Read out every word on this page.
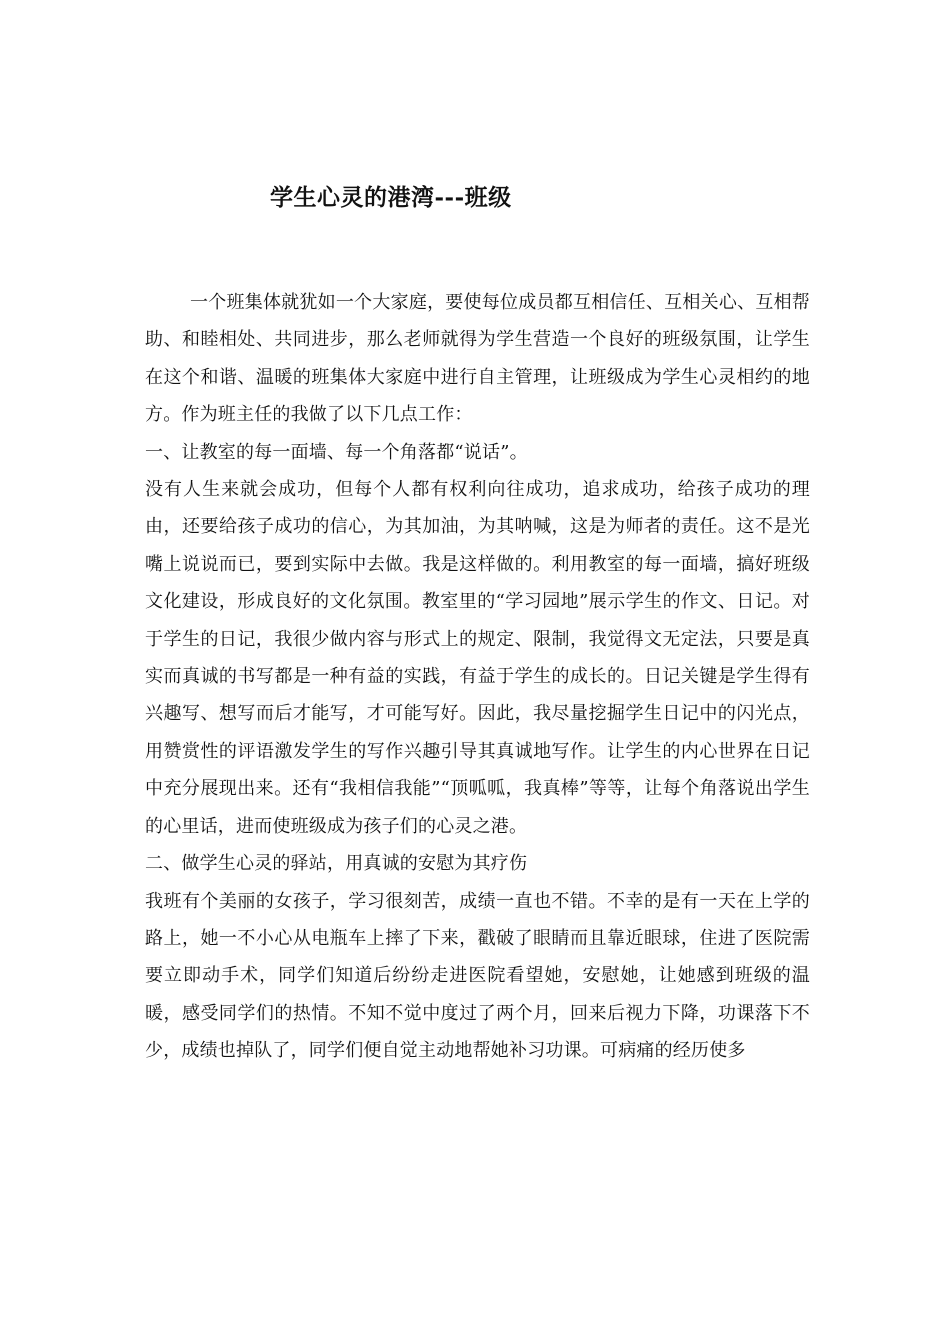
学生心灵的港湾---班级

一个班集体就犹如一个大家庭，要使每位成员都互相信任、互相关心、互相帮助、和睦相处、共同进步，那么老师就得为学生营造一个良好的班级氛围，让学生在这个和谐、温暖的班集体大家庭中进行自主管理，让班级成为学生心灵相约的地方。作为班主任的我做了以下几点工作：

一、让教室的每一面墙、每一个角落都“说话”。

没有人生来就会成功，但每个人都有权利向往成功，追求成功，给孩子成功的理由，还要给孩子成功的信心，为其加油，为其呐喊，这是为师者的责任。这不是光嘴上说说而已，要到实际中去做。我是这样做的。利用教室的每一面墙，搞好班级文化建设，形成良好的文化氛围。教室里的“学习园地”展示学生的作文、日记。对于学生的日记，我很少做内容与形式上的规定、限制，我觉得文无定法，只要是真实而真诚的书写都是一种有益的实践，有益于学生的成长的。日记关键是学生得有兴趣写、想写而后才能写，才可能写好。因此，我尽量挖掘学生日记中的闪光点，用赞赏性的评语激发学生的写作兴趣引导其真诚地写作。让学生的内心世界在日记中充分展现出来。还有“我相信我能”“顶呱呱，我真棒”等等，让每个角落说出学生的心里话，进而使班级成为孩子们的心灵之港。

二、做学生心灵的驿站，用真诚的安慰为其疗伤

我班有个美丽的女孩子，学习很刻苦，成绩一直也不错。不幸的是有一天在上学的路上，她一不小心从电瓶车上摔了下来，戳破了眼睛而且靠近眼球，住进了医院需要立即动手术，同学们知道后纷纷走进医院看望她，安慰她，让她感到班级的温暖，感受同学们的热情。不知不觉中度过了两个月，回来后视力下降，功课落下不少，成绩也掉队了，同学们便自觉主动地帮她补习功课。可病痛的经历使多
